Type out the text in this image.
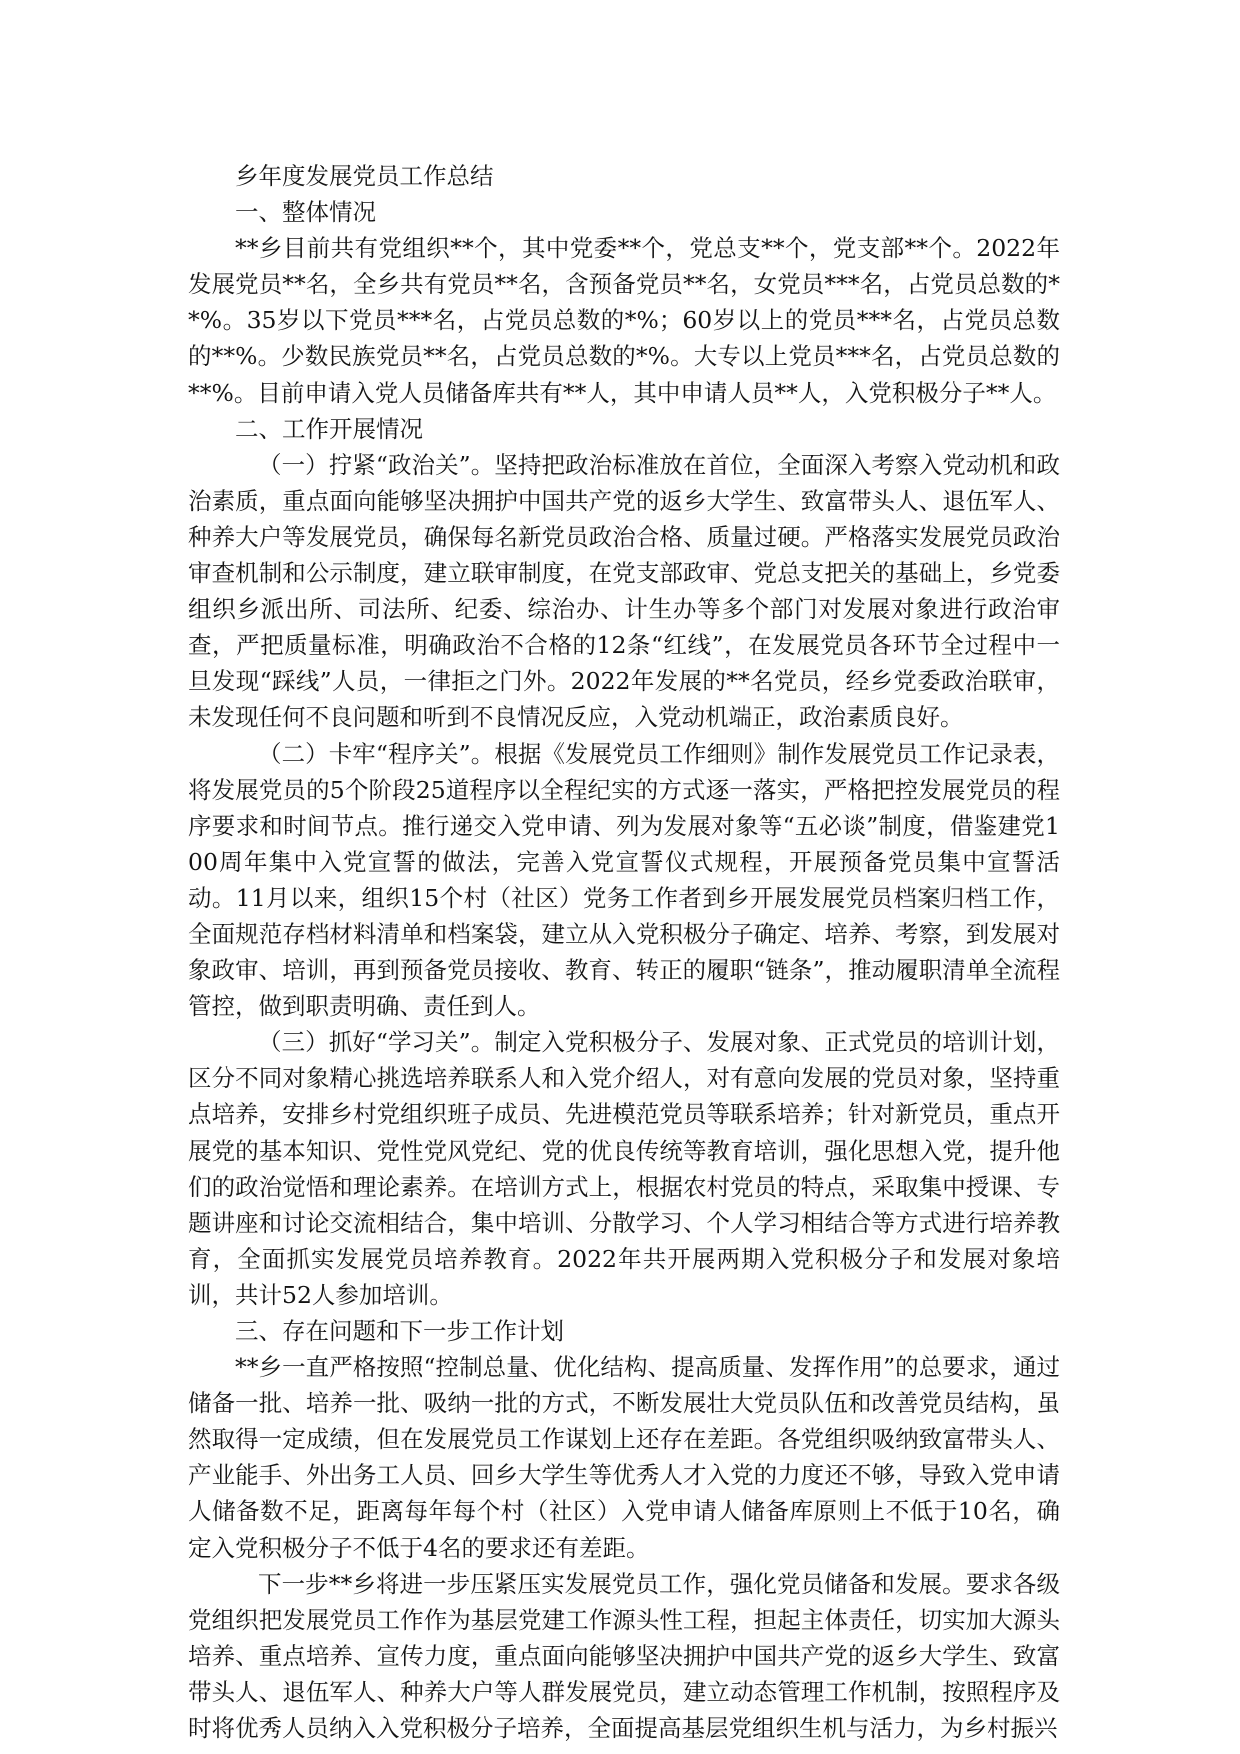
乡年度发展党员工作总结

一、整体情况

**乡目前共有党组织**个，其中党委**个，党总支**个，党支部**个。2022年发展党员**名，全乡共有党员**名，含预备党员**名，女党员***名，占党员总数的**%。35岁以下党员***名，占党员总数的*%；60岁以上的党员***名，占党员总数的**%。少数民族党员**名，占党员总数的*%。大专以上党员***名，占党员总数的**%。目前申请入党人员储备库共有**人，其中申请人员**人，入党积极分子**人。

二、工作开展情况

（一）拧紧“政治关”。坚持把政治标准放在首位，全面深入考察入党动机和政治素质，重点面向能够坚决拥护中国共产党的返乡大学生、致富带头人、退伍军人、种养大户等发展党员，确保每名新党员政治合格、质量过硬。严格落实发展党员政治审查机制和公示制度，建立联审制度，在党支部政审、党总支把关的基础上，乡党委组织乡派出所、司法所、纪委、综治办、计生办等多个部门对发展对象进行政治审查，严把质量标准，明确政治不合格的12条“红线”，在发展党员各环节全过程中一旦发现“踩线”人员，一律拒之门外。2022年发展的**名党员，经乡党委政治联审，未发现任何不良问题和听到不良情况反应，入党动机端正，政治素质良好。

（二）卡牢“程序关”。根据《发展党员工作细则》制作发展党员工作记录表，将发展党员的5个阶段25道程序以全程纪实的方式逐一落实，严格把控发展党员的程序要求和时间节点。推行递交入党申请、列为发展对象等“五必谈”制度，借鉴建党100周年集中入党宣誓的做法，完善入党宣誓仪式规程，开展预备党员集中宣誓活动。11月以来，组织15个村（社区）党务工作者到乡开展发展党员档案归档工作，全面规范存档材料清单和档案袋，建立从入党积极分子确定、培养、考察，到发展对象政审、培训，再到预备党员接收、教育、转正的履职“链条”，推动履职清单全流程管控，做到职责明确、责任到人。

（三）抓好“学习关”。制定入党积极分子、发展对象、正式党员的培训计划，区分不同对象精心挑选培养联系人和入党介绍人，对有意向发展的党员对象，坚持重点培养，安排乡村党组织班子成员、先进模范党员等联系培养；针对新党员，重点开展党的基本知识、党性党风党纪、党的优良传统等教育培训，强化思想入党，提升他们的政治觉悟和理论素养。在培训方式上，根据农村党员的特点，采取集中授课、专题讲座和讨论交流相结合，集中培训、分散学习、个人学习相结合等方式进行培养教育，全面抓实发展党员培养教育。2022年共开展两期入党积极分子和发展对象培训，共计52人参加培训。

三、存在问题和下一步工作计划

**乡一直严格按照“控制总量、优化结构、提高质量、发挥作用”的总要求，通过储备一批、培养一批、吸纳一批的方式，不断发展壮大党员队伍和改善党员结构，虽然取得一定成绩，但在发展党员工作谋划上还存在差距。各党组织吸纳致富带头人、产业能手、外出务工人员、回乡大学生等优秀人才入党的力度还不够，导致入党申请人储备数不足，距离每年每个村（社区）入党申请人储备库原则上不低于10名，确定入党积极分子不低于4名的要求还有差距。

下一步**乡将进一步压紧压实发展党员工作，强化党员储备和发展。要求各级党组织把发展党员工作作为基层党建工作源头性工程，担起主体责任，切实加大源头培养、重点培养、宣传力度，重点面向能够坚决拥护中国共产党的返乡大学生、致富带头人、退伍军人、种养大户等人群发展党员，建立动态管理工作机制，按照程序及时将优秀人员纳入入党积极分子培养，全面提高基层党组织生机与活力，为乡村振兴
